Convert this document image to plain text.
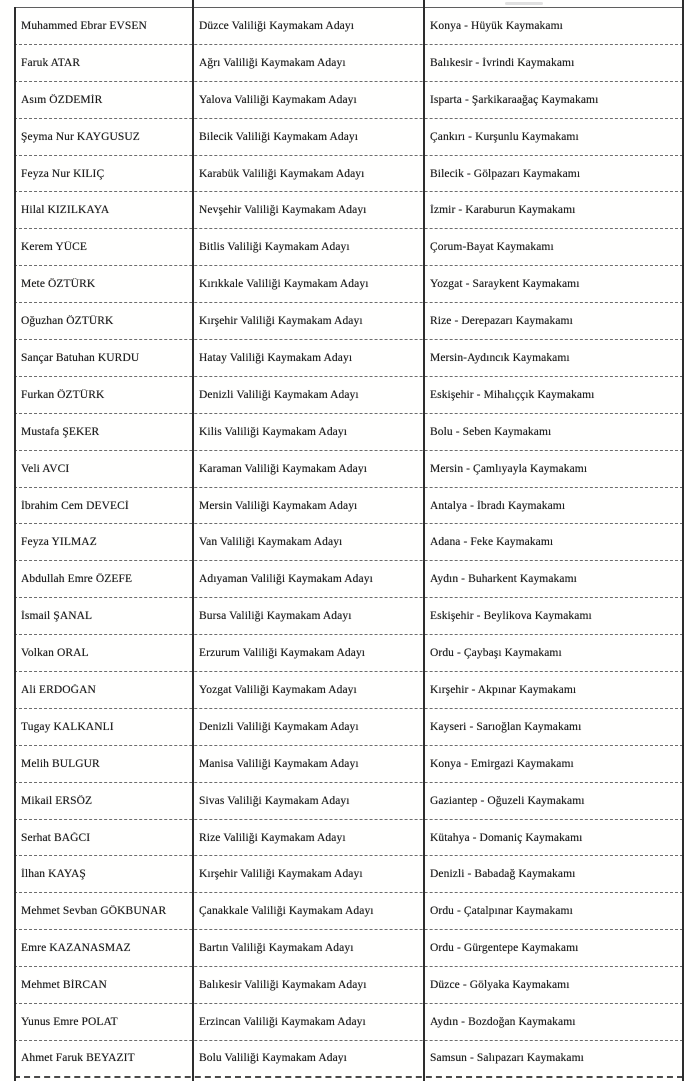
Muhammed Ebrar EVSEN	Düzce Valiliği Kaymakam Adayı	Konya - Hüyük Kaymakamı
Faruk ATAR	Ağrı Valiliği Kaymakam Adayı	Balıkesir - İvrindi Kaymakamı
Asım ÖZDEMİR	Yalova Valiliği Kaymakam Adayı	Isparta - Şarkikaraağaç Kaymakamı
Şeyma Nur KAYGUSUZ	Bilecik Valiliği Kaymakam Adayı	Çankırı - Kurşunlu Kaymakamı
Feyza Nur KILIÇ	Karabük Valiliği Kaymakam Adayı	Bilecik - Gölpazarı Kaymakamı
Hilal KIZILKAYA	Nevşehir Valiliği Kaymakam Adayı	İzmir - Karaburun Kaymakamı
Kerem YÜCE	Bitlis Valiliği Kaymakam Adayı	Çorum-Bayat Kaymakamı
Mete ÖZTÜRK	Kırıkkale Valiliği Kaymakam Adayı	Yozgat - Saraykent Kaymakamı
Oğuzhan ÖZTÜRK	Kırşehir Valiliği Kaymakam Adayı	Rize - Derepazarı Kaymakamı
Sançar Batuhan KURDU	Hatay Valiliği Kaymakam Adayı	Mersin-Aydıncık Kaymakamı
Furkan ÖZTÜRK	Denizli Valiliği Kaymakam Adayı	Eskişehir - Mihalıççık Kaymakamı
Mustafa ŞEKER	Kilis Valiliği Kaymakam Adayı	Bolu - Seben Kaymakamı
Veli AVCI	Karaman Valiliği Kaymakam Adayı	Mersin - Çamlıyayla Kaymakamı
İbrahim Cem DEVECİ	Mersin Valiliği Kaymakam Adayı	Antalya - İbradı Kaymakamı
Feyza YILMAZ	Van Valiliği Kaymakam Adayı	Adana - Feke Kaymakamı
Abdullah Emre ÖZEFE	Adıyaman Valiliği Kaymakam Adayı	Aydın - Buharkent Kaymakamı
İsmail ŞANAL	Bursa Valiliği Kaymakam Adayı	Eskişehir - Beylikova Kaymakamı
Volkan ORAL	Erzurum Valiliği Kaymakam Adayı	Ordu - Çaybaşı Kaymakamı
Ali ERDOĞAN	Yozgat Valiliği Kaymakam Adayı	Kırşehir - Akpınar Kaymakamı
Tugay KALKANLI	Denizli Valiliği Kaymakam Adayı	Kayseri - Sarıoğlan Kaymakamı
Melih BULGUR	Manisa Valiliği Kaymakam Adayı	Konya - Emirgazi Kaymakamı
Mikail ERSÖZ	Sivas Valiliği Kaymakam Adayı	Gaziantep - Oğuzeli Kaymakamı
Serhat BAĞCI	Rize Valiliği Kaymakam Adayı	Kütahya - Domaniç Kaymakamı
İlhan KAYAŞ	Kırşehir Valiliği Kaymakam Adayı	Denizli - Babadağ Kaymakamı
Mehmet Sevban GÖKBUNAR	Çanakkale Valiliği Kaymakam Adayı	Ordu - Çatalpınar Kaymakamı
Emre KAZANASMAZ	Bartın Valiliği Kaymakam Adayı	Ordu - Gürgentepe Kaymakamı
Mehmet BİRCAN	Balıkesir Valiliği Kaymakam Adayı	Düzce - Gölyaka Kaymakamı
Yunus Emre POLAT	Erzincan Valiliği Kaymakam Adayı	Aydın - Bozdoğan Kaymakamı
Ahmet Faruk BEYAZIT	Bolu Valiliği Kaymakam Adayı	Samsun - Salıpazarı Kaymakamı
